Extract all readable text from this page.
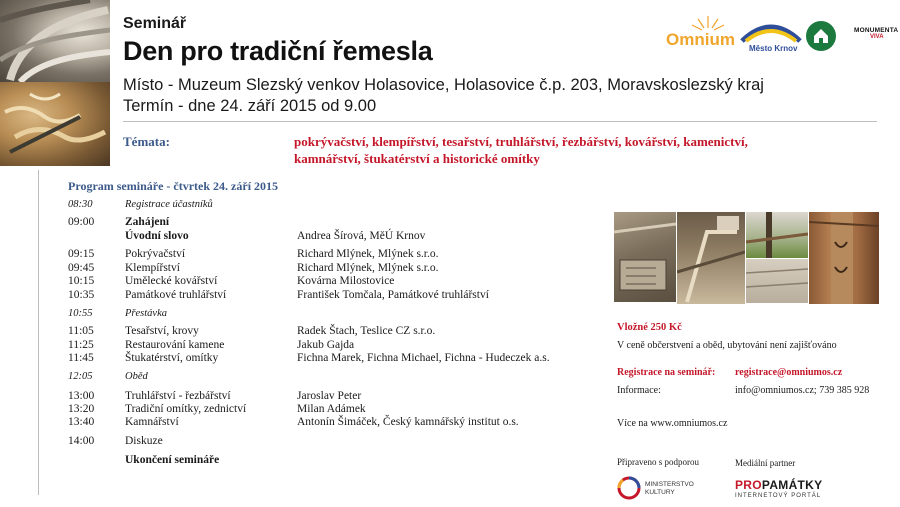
Seminář
Den pro tradiční řemesla
Místo - Muzeum Slezský venkov Holasovice, Holasovice č.p. 203, Moravskoslezský kraj
Termín - dne 24. září 2015 od 9.00
Omnium Město Krnov
MONUMENTA
VIVA
Témata:	pokrývačství, klempířství, tesařství, truhlářství, řezbářství, kovářství, kamenictví, kamnářství, štukatérství a historické omítky
Program semináře - čtvrtek 24. září 2015
08:30	Registrace účastníků
09:00	Zahájení
Úvodní slovo	Andrea Šírová, MěÚ Krnov
09:15	Pokrývačství	Richard Mlýnek, Mlýnek s.r.o.
09:45	Klempířství	Richard Mlýnek, Mlýnek s.r.o.
10:15	Umělecké kovářství	Kovárna Milostovice
10:35	Památkové truhlářství	František Tomčala, Památkové truhlářství
10:55	Přestávka
11:05	Tesařství, krovy	Radek Štach, Teslice CZ s.r.o.
11:25	Restaurování kamene	Jakub Gajda
11:45	Štukatérství, omítky	Fichna Marek, Fichna Michael, Fichna - Hudeczek a.s.
12:05	Oběd
13:00	Truhlářství - řezbářství	Jaroslav Peter
13:20	Tradiční omítky, zednictví	Milan Adámek
13:40	Kamnářství	Antonín Šimáček, Český kamnářský institut o.s.
14:00	Diskuze
Ukončení semináře
Vložné 250 Kč
V ceně občerstvení a oběd, ubytování není zajišťováno
Registrace na seminář: registrace@omniumos.cz
Informace:	info@omniumos.cz; 739 385 928
Více na www.omniumos.cz
Připraveno s podporou	Mediální partner
MINISTERSTVO
KULTURY
PROPAMÁTKY
INTERNETOVÝ PORTÁL
